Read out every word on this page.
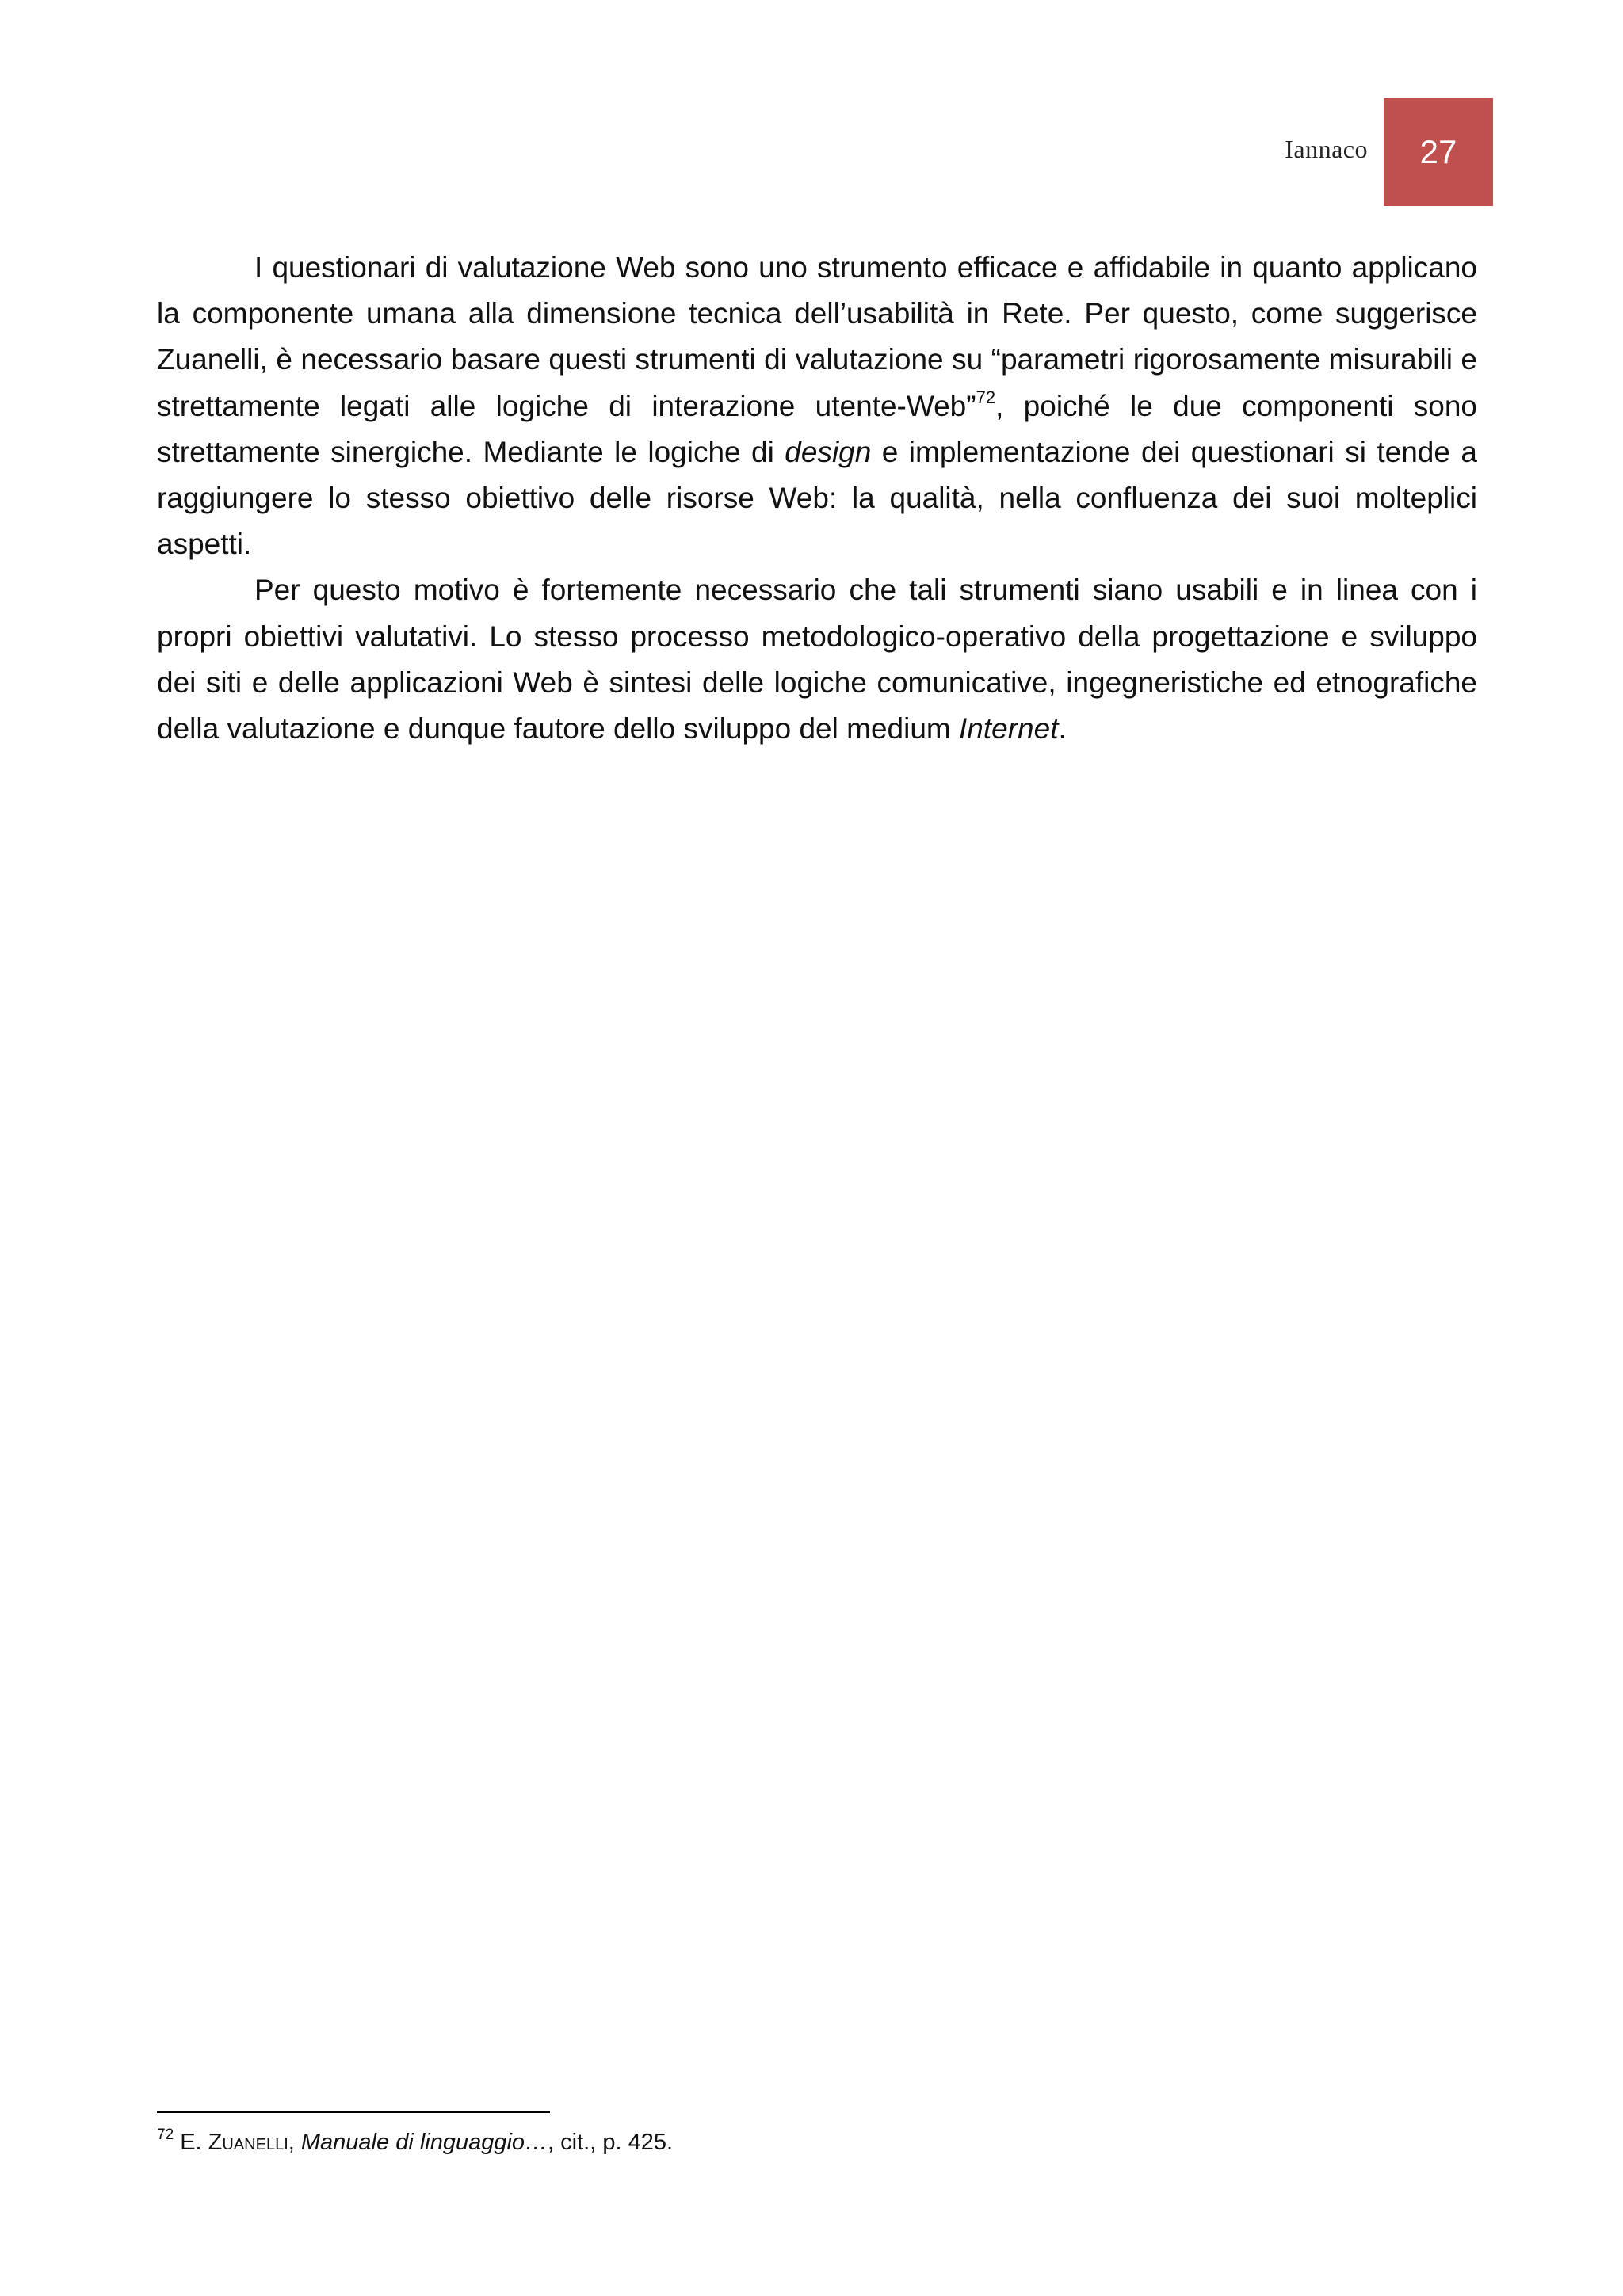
Iannaco 27

I questionari di valutazione Web sono uno strumento efficace e affidabile in quanto applicano la componente umana alla dimensione tecnica dell’usabilità in Rete. Per questo, come suggerisce Zuanelli, è necessario basare questi strumenti di valutazione su “parametri rigorosamente misurabili e strettamente legati alle logiche di interazione utente-Web”$^{72}$, poiché le due componenti sono strettamente sinergiche. Mediante le logiche di design e implementazione dei questionari si tende a raggiungere lo stesso obiettivo delle risorse Web: la qualità, nella confluenza dei suoi molteplici aspetti.

Per questo motivo è fortemente necessario che tali strumenti siano usabili e in linea con i propri obiettivi valutativi. Lo stesso processo metodologico-operativo della progettazione e sviluppo dei siti e delle applicazioni Web è sintesi delle logiche comunicative, ingegneristiche ed etnografiche della valutazione e dunque fautore dello sviluppo del medium Internet.

$^{72}$ E. Zuanelli, Manuale di linguaggio…, cit., p. 425.
